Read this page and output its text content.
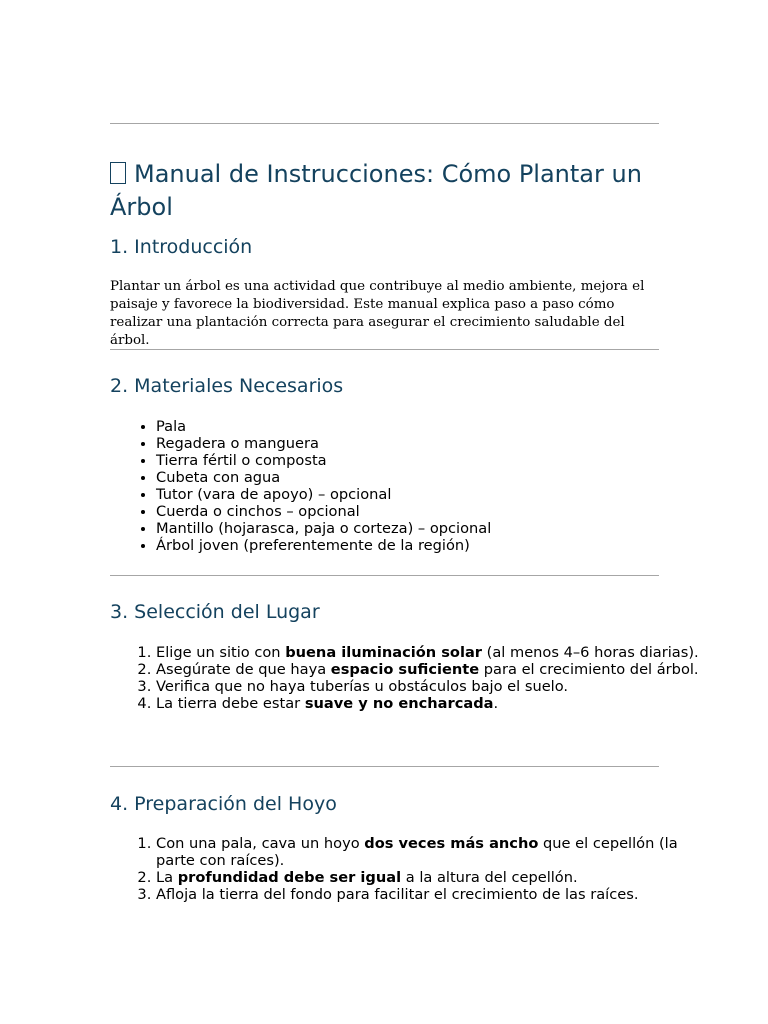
Manual de Instrucciones: Cómo Plantar un Árbol
1. Introducción

Plantar un árbol es una actividad que contribuye al medio ambiente, mejora el paisaje y favorece la biodiversidad. Este manual explica paso a paso cómo realizar una plantación correcta para asegurar el crecimiento saludable del árbol.

2. Materiales Necesarios
• Pala
• Regadera o manguera
• Tierra fértil o composta
• Cubeta con agua
• Tutor (vara de apoyo) – opcional
• Cuerda o cinchos – opcional
• Mantillo (hojarasca, paja o corteza) – opcional
• Árbol joven (preferentemente de la región)
3. Selección del Lugar
1. Elige un sitio con buena iluminación solar (al menos 4–6 horas diarias).
2. Asegúrate de que haya espacio suficiente para el crecimiento del árbol.
3. Verifica que no haya tuberías u obstáculos bajo el suelo.
4. La tierra debe estar suave y no encharcada.
4. Preparación del Hoyo
1. Con una pala, cava un hoyo dos veces más ancho que el cepellón (la parte con raíces).
2. La profundidad debe ser igual a la altura del cepellón.
3. Afloja la tierra del fondo para facilitar el crecimiento de las raíces.
